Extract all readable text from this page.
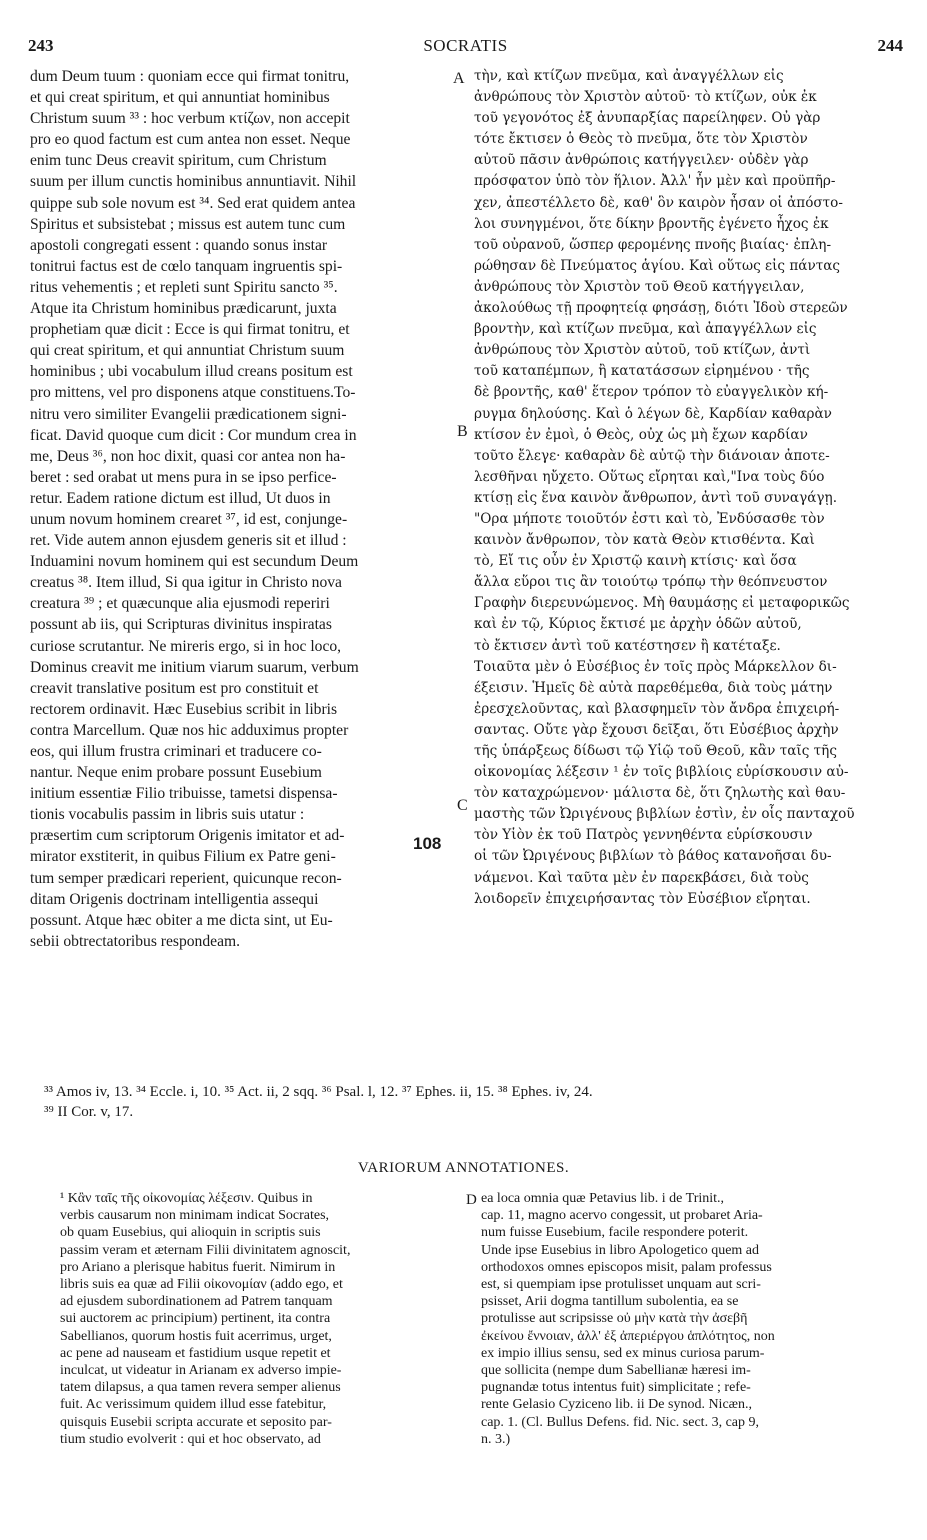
243	SOCRATIS	244
dum Deum tuum : quoniam ecce qui firmat tonitru,
et qui creat spiritum, et qui annuntiat hominibus
Christum suum ³³ : hoc verbum κτίζων, non accepit
pro eo quod factum est cum antea non esset. Neque
enim tunc Deus creavit spiritum, cum Christum
suum per illum cunctis hominibus annuntiavit. Nihil
quippe sub sole novum est ³⁴. Sed erat quidem antea
Spiritus et subsistebat ; missus est autem tunc cum
apostoli congregati essent : quando sonus instar
tonitrui factus est de cœlo tanquam ingruentis spi-
ritus vehementis ; et repleti sunt Spiritu sancto ³⁵.
Atque ita Christum hominibus prædicarunt, juxta
prophetiam quæ dicit : Ecce is qui firmat tonitru, et
qui creat spiritum, et qui annuntiat Christum suum
hominibus ; ubi vocabulum illud creans positum est
pro mittens, vel pro disponens atque constituens.To-
nitru vero similiter Evangelii prædicationem signi-
ficat. David quoque cum dicit : Cor mundum crea in
me, Deus ³⁶, non hoc dixit, quasi cor antea non ha-
beret : sed orabat ut mens pura in se ipso perfice-
retur. Eadem ratione dictum est illud, Ut duos in
unum novum hominem crearet ³⁷, id est, conjunge-
ret. Vide autem annon ejusdem generis sit et illud :
Induamini novum hominem qui est secundum Deum
creatus ³⁸. Item illud, Si qua igitur in Christo nova
creatura ³⁹ ; et quæcunque alia ejusmodi reperiri
possunt ab iis, qui Scripturas divinitus inspiratas
curiose scrutantur. Ne mireris ergo, si in hoc loco,
Dominus creavit me initium viarum suarum, verbum
creavit translative positum est pro constituit et
rectorem ordinavit. Hæc Eusebius scribit in libris
contra Marcellum. Quæ nos hic adduximus propter
eos, qui illum frustra criminari et traducere co-
nantur. Neque enim probare possunt Eusebium
initium essentiæ Filio tribuisse, tametsi dispensa-
tionis vocabulis passim in libris suis utatur :
præsertim cum scriptorum Origenis imitator et ad-
mirator exstiterit, in quibus Filium ex Patre geni-
tum semper prædicari reperient, quicunque recon-
ditam Origenis doctrinam intelligentia assequi
possunt. Atque hæc obiter a me dicta sint, ut Eu-
sebii obtrectatoribus respondeam.
τὴν, καὶ κτίζων πνεῦμα, καὶ ἀναγγέλλων εἰς
ἀνθρώπους τὸν Χριστὸν αὐτοῦ· τὸ κτίζων, οὐκ ἐκ
τοῦ γεγονότος ἐξ ἀνυπαρξίας παρείληφεν. Οὐ γὰρ
τότε ἔκτισεν ὁ Θεὸς τὸ πνεῦμα, ὅτε τὸν Χριστὸν
αὐτοῦ πᾶσιν ἀνθρώποις κατήγγειλεν· οὐδὲν γὰρ
πρόσφατον ὑπὸ τὸν ἥλιον. Ἀλλ' ἦν μὲν καὶ προϋπῆρ-
χεν, ἀπεστέλλετο δὲ, καθ' ὃν καιρὸν ἦσαν οἱ ἀπόστο-
λοι συνηγμένοι, ὅτε δίκην βροντῆς ἐγένετο ἦχος ἐκ
τοῦ οὐρανοῦ, ὥσπερ φερομένης πνοῆς βιαίας· ἐπλη-
ρώθησαν δὲ Πνεύματος ἁγίου. Καὶ οὕτως εἰς πάντας
ἀνθρώπους τὸν Χριστὸν τοῦ Θεοῦ κατήγγειλαν,
ἀκολούθως τῇ προφητείᾳ φησάσῃ, διότι Ἰδοὺ στερεῶν
βροντὴν, καὶ κτίζων πνεῦμα, καὶ ἀπαγγέλλων εἰς
ἀνθρώπους τὸν Χριστὸν αὐτοῦ, τοῦ κτίζων, ἀντὶ
τοῦ καταπέμπων, ἢ κατατάσσων εἰρημένου · τῆς
δὲ βροντῆς, καθ' ἕτερον τρόπον τὸ εὐαγγελικὸν κή-
ρυγμα δηλούσης. Καὶ ὁ λέγων δὲ, Καρδίαν καθαρὰν
κτίσον ἐν ἐμοὶ, ὁ Θεὸς, οὐχ ὡς μὴ ἔχων καρδίαν
τοῦτο ἔλεγε· καθαρὰν δὲ αὐτῷ τὴν διάνοιαν ἀποτε-
λεσθῆναι ηὔχετο. Οὕτως εἴρηται καὶ,"Ινα τοὺς δύο
κτίσῃ εἰς ἕνα καινὸν ἄνθρωπον, ἀντὶ τοῦ συναγάγῃ.
"Ορα μήποτε τοιοῦτόν ἐστι καὶ τὸ, Ἐνδύσασθε τὸν
καινὸν ἄνθρωπον, τὸν κατὰ Θεὸν κτισθέντα. Καὶ
τὸ, Εἴ τις οὖν ἐν Χριστῷ καινὴ κτίσις· καὶ ὅσα
ἄλλα εὕροι τις ἂν τοιούτῳ τρόπῳ τὴν θεόπνευστον
Γραφὴν διερευνώμενος. Μὴ θαυμάσῃς εἰ μεταφορικῶς
καὶ ἐν τῷ, Κύριος ἔκτισέ με ἀρχὴν ὁδῶν αὐτοῦ,
τὸ ἔκτισεν ἀντὶ τοῦ κατέστησεν ἢ κατέταξε.
Τοιαῦτα μὲν ὁ Εὐσέβιος ἐν τοῖς πρὸς Μάρκελλον δι-
έξεισιν. Ἡμεῖς δὲ αὐτὰ παρεθέμεθα, διὰ τοὺς μάτην
ἐρεσχελοῦντας, καὶ βλασφημεῖν τὸν ἄνδρα ἐπιχειρή-
σαντας. Οὔτε γὰρ ἔχουσι δεῖξαι, ὅτι Εὐσέβιος ἀρχὴν
τῆς ὑπάρξεως δίδωσι τῷ Υἱῷ τοῦ Θεοῦ, κἂν ταῖς τῆς
οἰκονομίας λέξεσιν ¹ ἐν τοῖς βιβλίοις εὑρίσκουσιν αὐ-
τὸν καταχρώμενον· μάλιστα δὲ, ὅτι ζηλωτὴς καὶ θαυ-
μαστὴς τῶν Ὠριγένους βιβλίων ἐστὶν, ἐν οἷς πανταχοῦ
τὸν Υἱὸν ἐκ τοῦ Πατρὸς γεννηθέντα εὑρίσκουσιν
οἱ τῶν Ὠριγένους βιβλίων τὸ βάθος κατανοῆσαι δυ-
νάμενοι. Καὶ ταῦτα μὲν ἐν παρεκβάσει, διὰ τοὺς
λοιδορεῖν ἐπιχειρήσαντας τὸν Εὐσέβιον εἴρηται.
A
B
C
108
³³ Amos iv, 13. ³⁴ Eccle. i, 10. ³⁵ Act. ii, 2 sqq. ³⁶ Psal. l, 12. ³⁷ Ephes. ii, 15. ³⁸ Ephes. iv, 24.
³⁹ II Cor. v, 17.
VARIORUM ANNOTATIONES.
¹ Κἂν ταῖς τῆς οἰκονομίας λέξεσιν. Quibus in
verbis causarum non minimam indicat Socrates,
ob quam Eusebius, qui alioquin in scriptis suis
passim veram et æternam Filii divinitatem agnoscit,
pro Ariano a plerisque habitus fuerit. Nimirum in
libris suis ea quæ ad Filii οἰκονομίαν (addo ego, et
ad ejusdem subordinationem ad Patrem tanquam
sui auctorem ac principium) pertinent, ita contra
Sabellianos, quorum hostis fuit acerrimus, urget,
ac pene ad nauseam et fastidium usque repetit et
inculcat, ut videatur in Arianam ex adverso impie-
tatem dilapsus, a qua tamen revera semper alienus
fuit. Ac verissimum quidem illud esse fatebitur,
quisquis Eusebii scripta accurate et seposito par-
tium studio evolverit : qui et hoc observato, ad
ea loca omnia quæ Petavius lib. i de Trinit.,
cap. 11, magno acervo congessit, ut probaret Aria-
num fuisse Eusebium, facile respondere poterit.
Unde ipse Eusebius in libro Apologetico quem ad
orthodoxos omnes episcopos misit, palam professus
est, si quempiam ipse protulisset unquam aut scri-
psisset, Arii dogma tantillum subolentia, ea se
protulisse aut scripsisse οὐ μὴν κατὰ τὴν ἀσεβῆ
ἐκείνου ἔννοιαν, ἀλλ' ἐξ ἀπεριέργου ἁπλότητος, non
ex impio illius sensu, sed ex minus curiosa parum-
que sollicita (nempe dum Sabellianæ hæresi im-
pugnandæ totus intentus fuit) simplicitate ; refe-
rente Gelasio Cyziceno lib. ii De synod. Nicæn.,
cap. 1. (Cl. Bullus Defens. fid. Nic. sect. 3, cap 9,
n. 3.)
D
